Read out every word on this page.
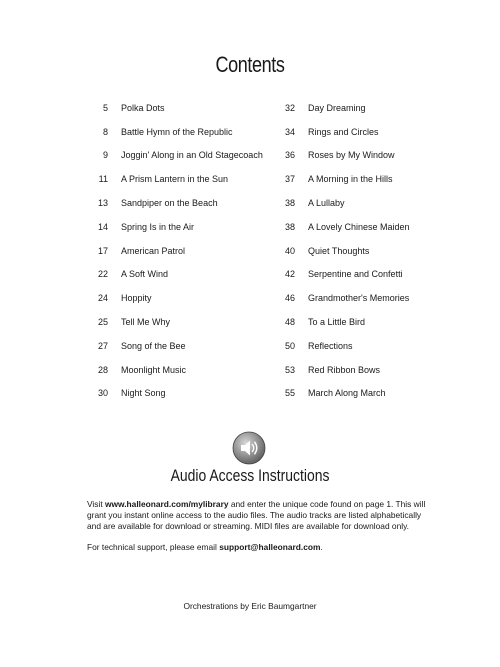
Contents
5 Polka Dots
8 Battle Hymn of the Republic
9 Joggin' Along in an Old Stagecoach
11 A Prism Lantern in the Sun
13 Sandpiper on the Beach
14 Spring Is in the Air
17 American Patrol
22 A Soft Wind
24 Hoppity
25 Tell Me Why
27 Song of the Bee
28 Moonlight Music
30 Night Song
32 Day Dreaming
34 Rings and Circles
36 Roses by My Window
37 A Morning in the Hills
38 A Lullaby
38 A Lovely Chinese Maiden
40 Quiet Thoughts
42 Serpentine and Confetti
46 Grandmother's Memories
48 To a Little Bird
50 Reflections
53 Red Ribbon Bows
55 March Along March
Audio Access Instructions
Visit www.halleonard.com/mylibrary and enter the unique code found on page 1. This will grant you instant online access to the audio files. The audio tracks are listed alphabetically and are available for download or streaming. MIDI files are available for download only.
For technical support, please email support@halleonard.com.
Orchestrations by Eric Baumgartner
